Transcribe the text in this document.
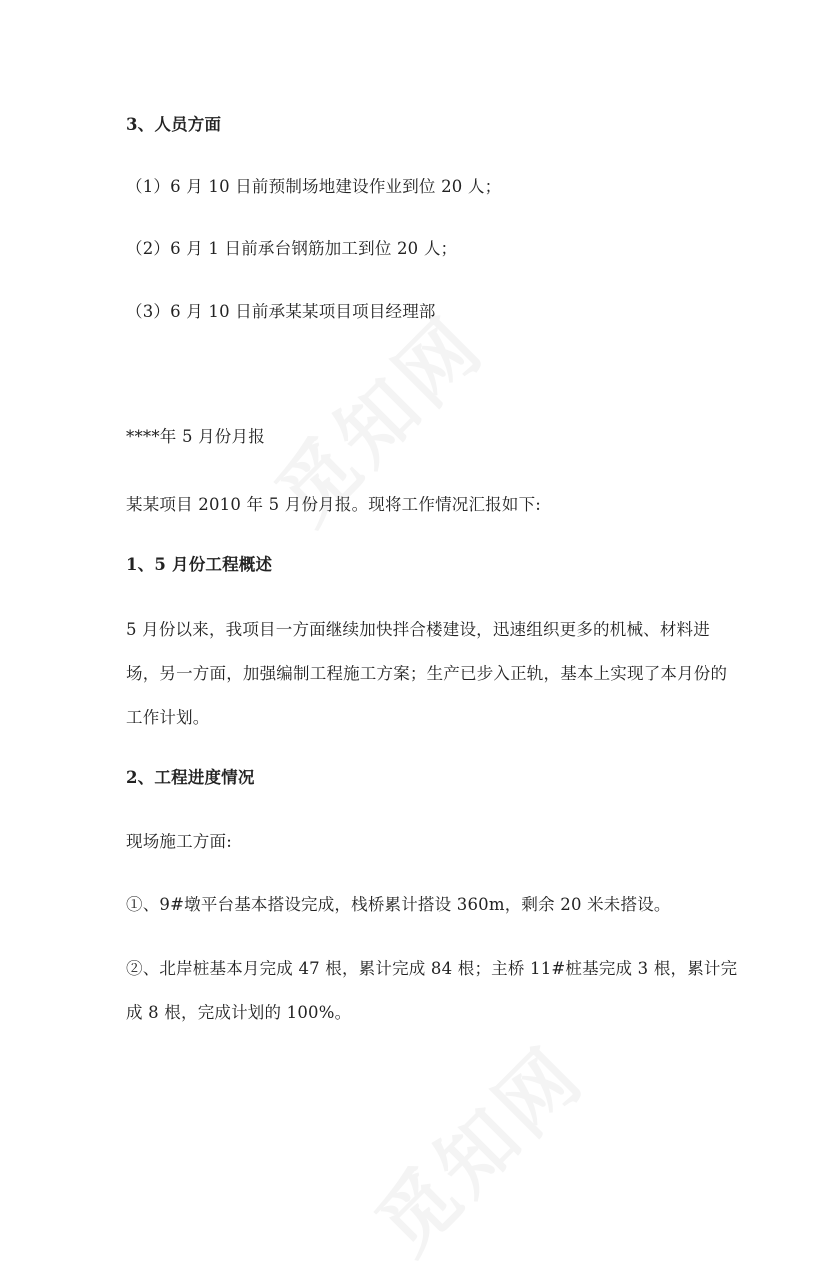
3、人员方面
（1）6 月 10 日前预制场地建设作业到位 20 人；
（2）6 月 1 日前承台钢筋加工到位 20 人；
（3）6 月 10 日前承某某项目项目经理部
****年 5 月份月报
某某项目 2010 年 5 月份月报。现将工作情况汇报如下:
1、5 月份工程概述
5 月份以来，我项目一方面继续加快拌合楼建设，迅速组织更多的机械、材料进场，另一方面，加强编制工程施工方案；生产已步入正轨，基本上实现了本月份的工作计划。
2、工程进度情况
现场施工方面:
①、9#墩平台基本搭设完成，栈桥累计搭设 360m，剩余 20 米未搭设。
②、北岸桩基本月完成 47 根，累计完成 84 根；主桥 11#桩基完成 3 根，累计完成 8 根，完成计划的 100%。
